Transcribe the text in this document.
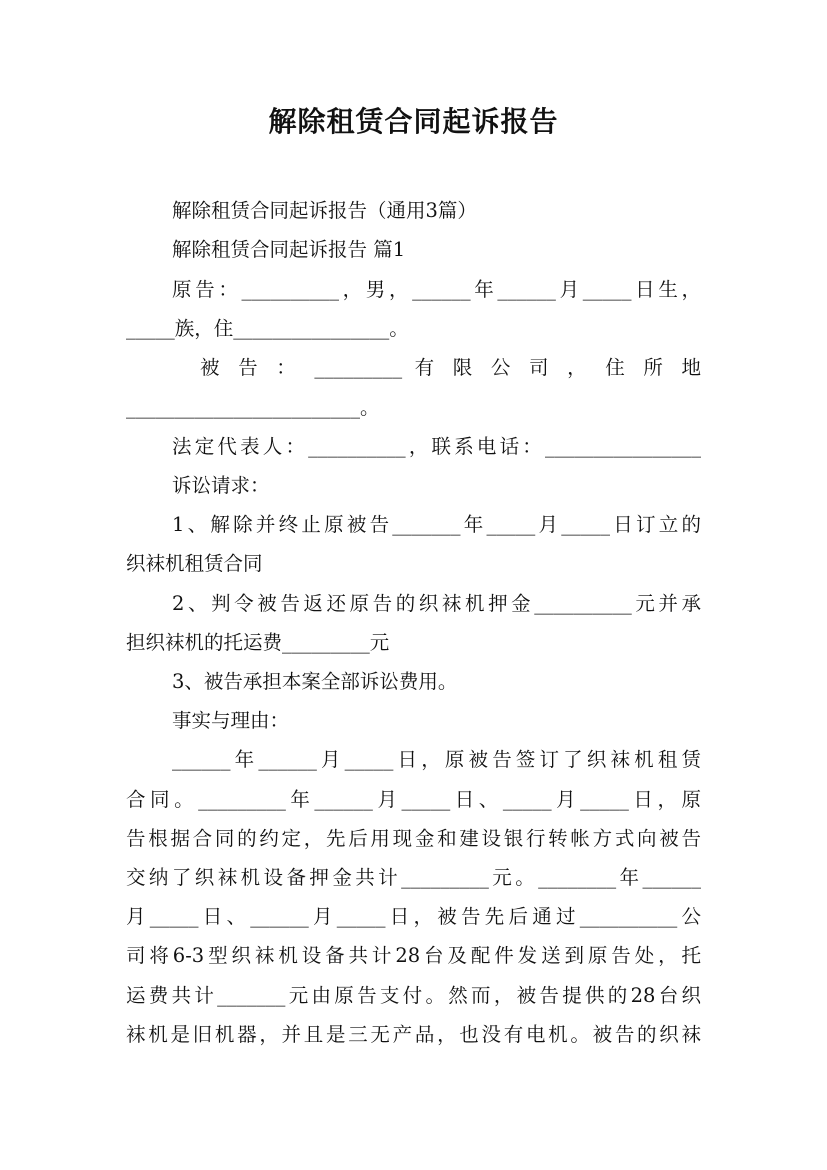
解除租赁合同起诉报告
解除租赁合同起诉报告（通用3篇）
解除租赁合同起诉报告 篇1
原告：__________，男，______年______月_____日生，
_____族，住________________。
被 告 ： _________ 有 限 公 司 ， 住 所 地
________________________。
法定代表人：__________，联系电话：________________
诉讼请求：
1、解除并终止原被告_______年_____月_____日订立的
织袜机租赁合同
2、判令被告返还原告的织袜机押金__________元并承
担织袜机的托运费_________元
3、被告承担本案全部诉讼费用。
事实与理由：
______年______月_____日，原被告签订了织袜机租赁
合同。_________年______月_____日、_____月_____日，原
告根据合同的约定，先后用现金和建设银行转帐方式向被告
交纳了织袜机设备押金共计_________元。________年______
月_____日、______月_____日，被告先后通过__________公
司将6-3型织袜机设备共计28台及配件发送到原告处，托
运费共计_______元由原告支付。然而，被告提供的28台织
袜机是旧机器，并且是三无产品，也没有电机。被告的织袜
